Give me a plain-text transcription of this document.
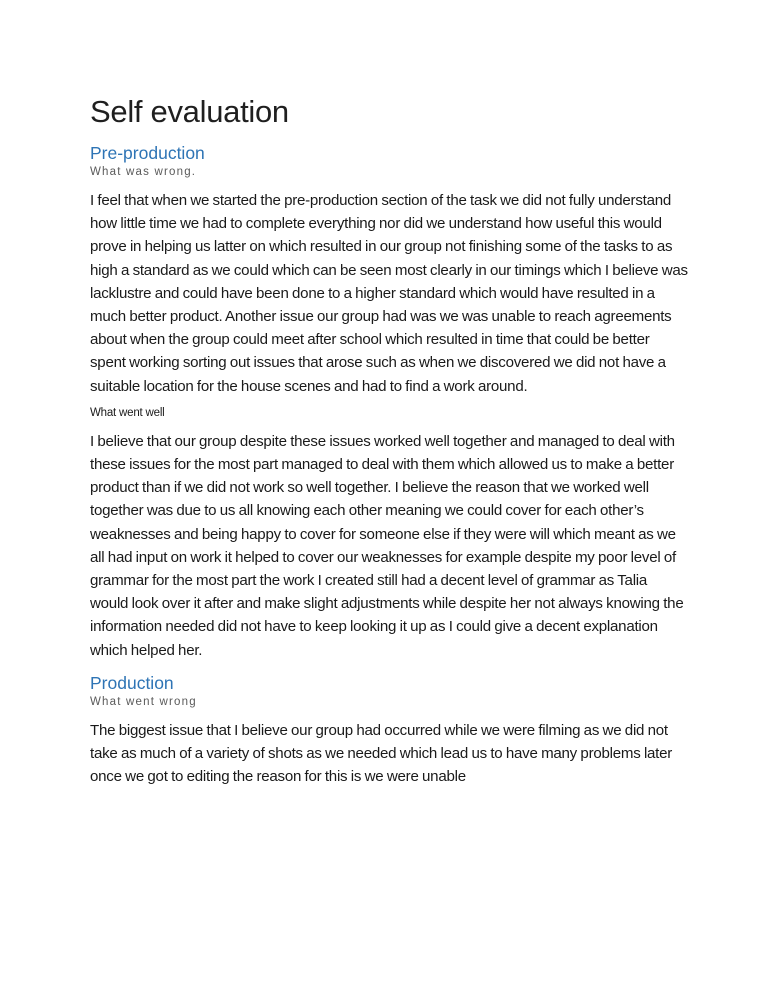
Self evaluation
Pre-production
What was wrong.

I feel that when we started the pre-production section of the task we did not fully understand how little time we had to complete everything nor did we understand how useful this would prove in helping us latter on which resulted in our group not finishing some of the tasks to as high a standard as we could which can be seen most clearly in our timings which I believe was lacklustre and could have been done to a higher standard which would have resulted in a much better product. Another issue our group had was we was unable to reach agreements about when the group could meet after school which resulted in time that could be better spent working sorting out issues that arose such as when we discovered we did not have a suitable location for the house scenes and had to find a work around.

What went well

I believe that our group despite these issues worked well together and managed to deal with these issues for the most part managed to deal with them which allowed us to make a better product than if we did not work so well together. I believe the reason that we worked well together was due to us all knowing each other meaning we could cover for each other’s weaknesses and being happy to cover for someone else if they were will which meant as we all had input on work it helped to cover our weaknesses for example despite my poor level of grammar for the most part the work I created still had a decent level of grammar as Talia would look over it after and make slight adjustments while despite her not always knowing the information needed did not have to keep looking it up as I could give a decent explanation which helped her.

Production
What went wrong

The biggest issue that I believe our group had occurred while we were filming as we did not take as much of a variety of shots as we needed which lead us to have many problems later once we got to editing the reason for this is we were unable
